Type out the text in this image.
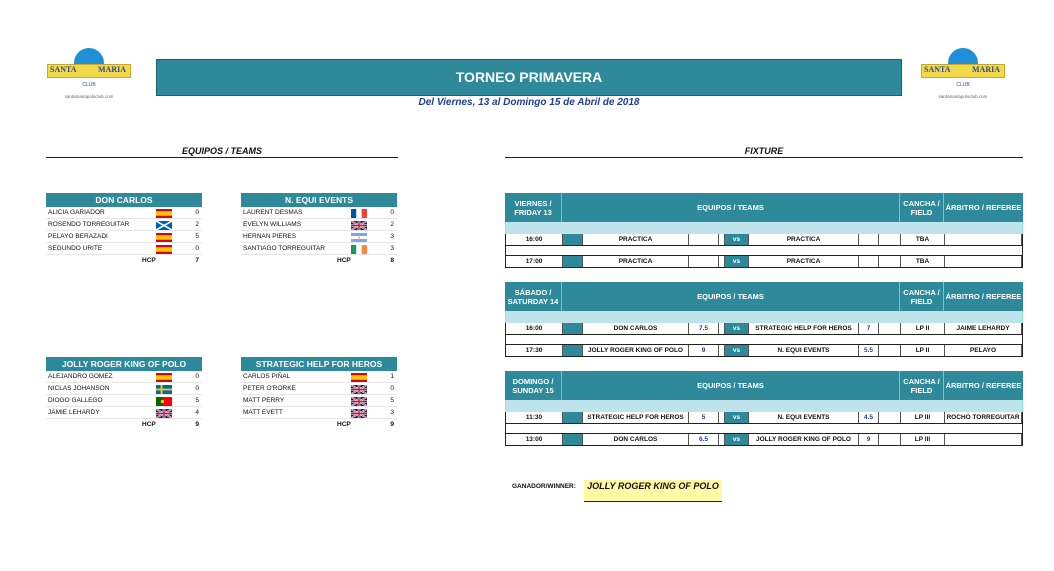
SANTA	MARIA
CLUB
santamariapoloclub.com
SANTA	MARIA
CLUB
santamariapoloclub.com
TORNEO PRIMAVERA
Del Viernes, 13 al Domingo 15 de Abril de 2018
EQUIPOS / TEAMS	FIXTURE
DON CARLOS
ALICIA GARIADOR	0
ROSENDO TORREGUITAR	2
PELAYO BERAZADI	5
SEGUNDO URITE	0
HCP	7
N. EQUI EVENTS
LAURENT DESMAS	0
EVELYN WILLIAMS	2
HERNAN PIERES	3
SANTIAGO TORREGUITAR	3
HCP	8
JOLLY ROGER KING OF POLO
ALEJANDRO GOMEZ	0
NICLAS JOHANSON	0
DIOGO GALLEGO	5
JAMIE LEHARDY	4
HCP	9
STRATEGIC HELP FOR HEROS
CARLOS PIÑAL	1
PETER O'RORKE	0
MATT PERRY	5
MATT EVETT	3
HCP	9
VIERNES / FRIDAY 13	EQUIPOS / TEAMS	CANCHA / FIELD	ÁRBITRO / REFEREE
16:00	PRACTICA	vs	PRACTICA	TBA
17:00	PRACTICA	vs	PRACTICA	TBA
SÁBADO / SATURDAY 14	EQUIPOS / TEAMS	CANCHA / FIELD	ÁRBITRO / REFEREE
16:00	DON CARLOS	7.5	vs	STRATEGIC HELP FOR HEROS	7	LP II	JAIME LEHARDY
17:30	JOLLY ROGER KING OF POLO	9	vs	N. EQUI EVENTS	5.5	LP II	PELAYO
DOMINGO / SUNDAY 15	EQUIPOS / TEAMS	CANCHA / FIELD	ÁRBITRO / REFEREE
11:30	STRATEGIC HELP FOR HEROS	5	vs	N. EQUI EVENTS	4.5	LP III	ROCHO TORREGUITAR
13:00	DON CARLOS	6.5	vs	JOLLY ROGER KING OF POLO	9	LP III
GANADOR/WINNER:	JOLLY ROGER KING OF POLO
